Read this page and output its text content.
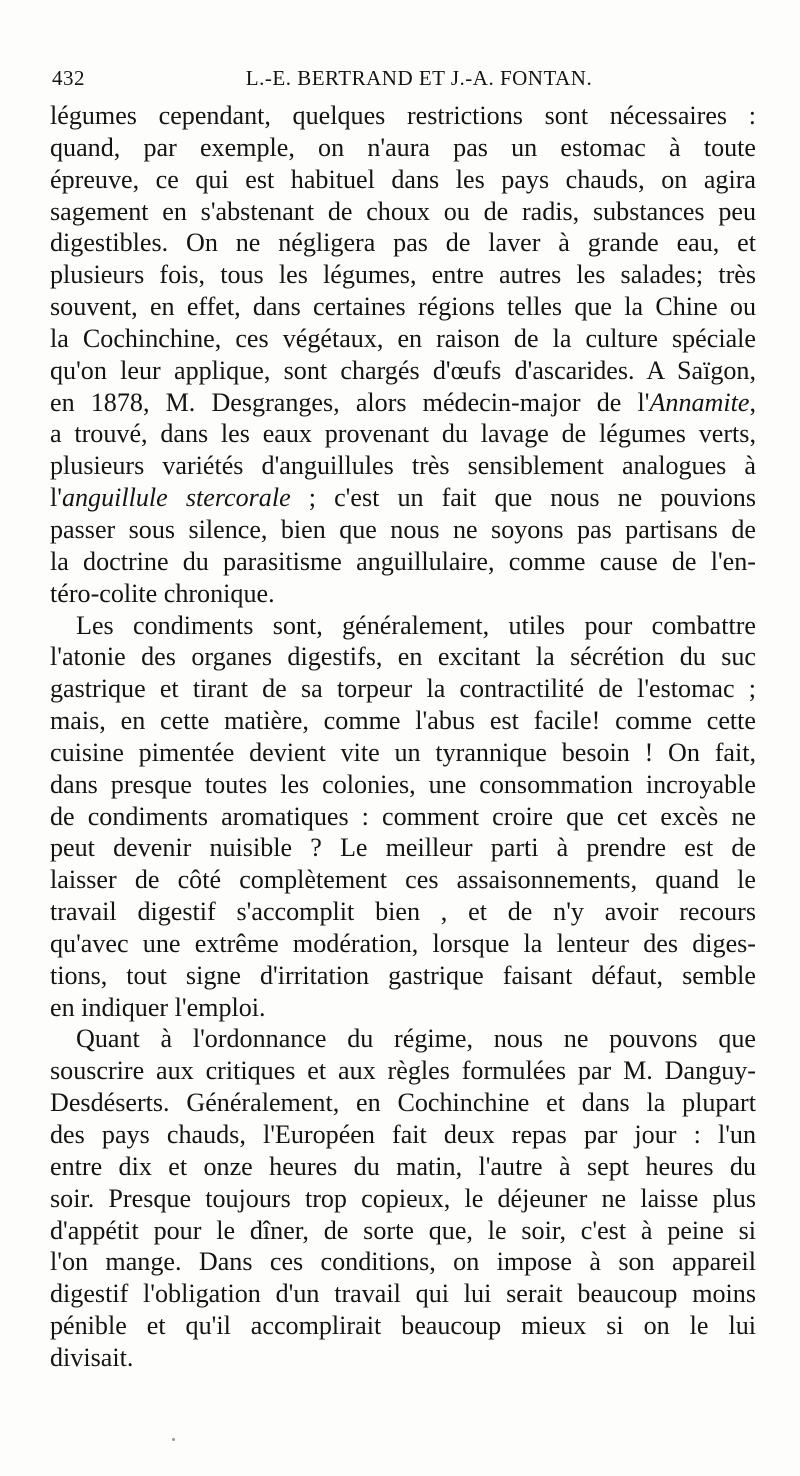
432	L.-E. BERTRAND ET J.-A. FONTAN.
légumes cependant, quelques restrictions sont nécessaires :
quand, par exemple, on n'aura pas un estomac à toute
épreuve, ce qui est habituel dans les pays chauds, on agira
sagement en s'abstenant de choux ou de radis, substances peu
digestibles. On ne négligera pas de laver à grande eau, et
plusieurs fois, tous les légumes, entre autres les salades; très
souvent, en effet, dans certaines régions telles que la Chine ou
la Cochinchine, ces végétaux, en raison de la culture spéciale
qu'on leur applique, sont chargés d'œufs d'ascarides. A Saïgon,
en 1878, M. Desgranges, alors médecin-major de l'Annamite,
a trouvé, dans les eaux provenant du lavage de légumes verts,
plusieurs variétés d'anguillules très sensiblement analogues à
l'anguillule stercorale ; c'est un fait que nous ne pouvions
passer sous silence, bien que nous ne soyons pas partisans de
la doctrine du parasitisme anguillulaire, comme cause de l'en-
téro-colite chronique.
Les condiments sont, généralement, utiles pour combattre
l'atonie des organes digestifs, en excitant la sécrétion du suc
gastrique et tirant de sa torpeur la contractilité de l'estomac ;
mais, en cette matière, comme l'abus est facile! comme cette
cuisine pimentée devient vite un tyrannique besoin ! On fait,
dans presque toutes les colonies, une consommation incroyable
de condiments aromatiques : comment croire que cet excès ne
peut devenir nuisible ? Le meilleur parti à prendre est de
laisser de côté complètement ces assaisonnements, quand le
travail digestif s'accomplit bien , et de n'y avoir recours
qu'avec une extrême modération, lorsque la lenteur des diges-
tions, tout signe d'irritation gastrique faisant défaut, semble
en indiquer l'emploi.
Quant à l'ordonnance du régime, nous ne pouvons que
souscrire aux critiques et aux règles formulées par M. Danguy-
Desdéserts. Généralement, en Cochinchine et dans la plupart
des pays chauds, l'Européen fait deux repas par jour : l'un
entre dix et onze heures du matin, l'autre à sept heures du
soir. Presque toujours trop copieux, le déjeuner ne laisse plus
d'appétit pour le dîner, de sorte que, le soir, c'est à peine si
l'on mange. Dans ces conditions, on impose à son appareil
digestif l'obligation d'un travail qui lui serait beaucoup moins
pénible et qu'il accomplirait beaucoup mieux si on le lui
divisait.
